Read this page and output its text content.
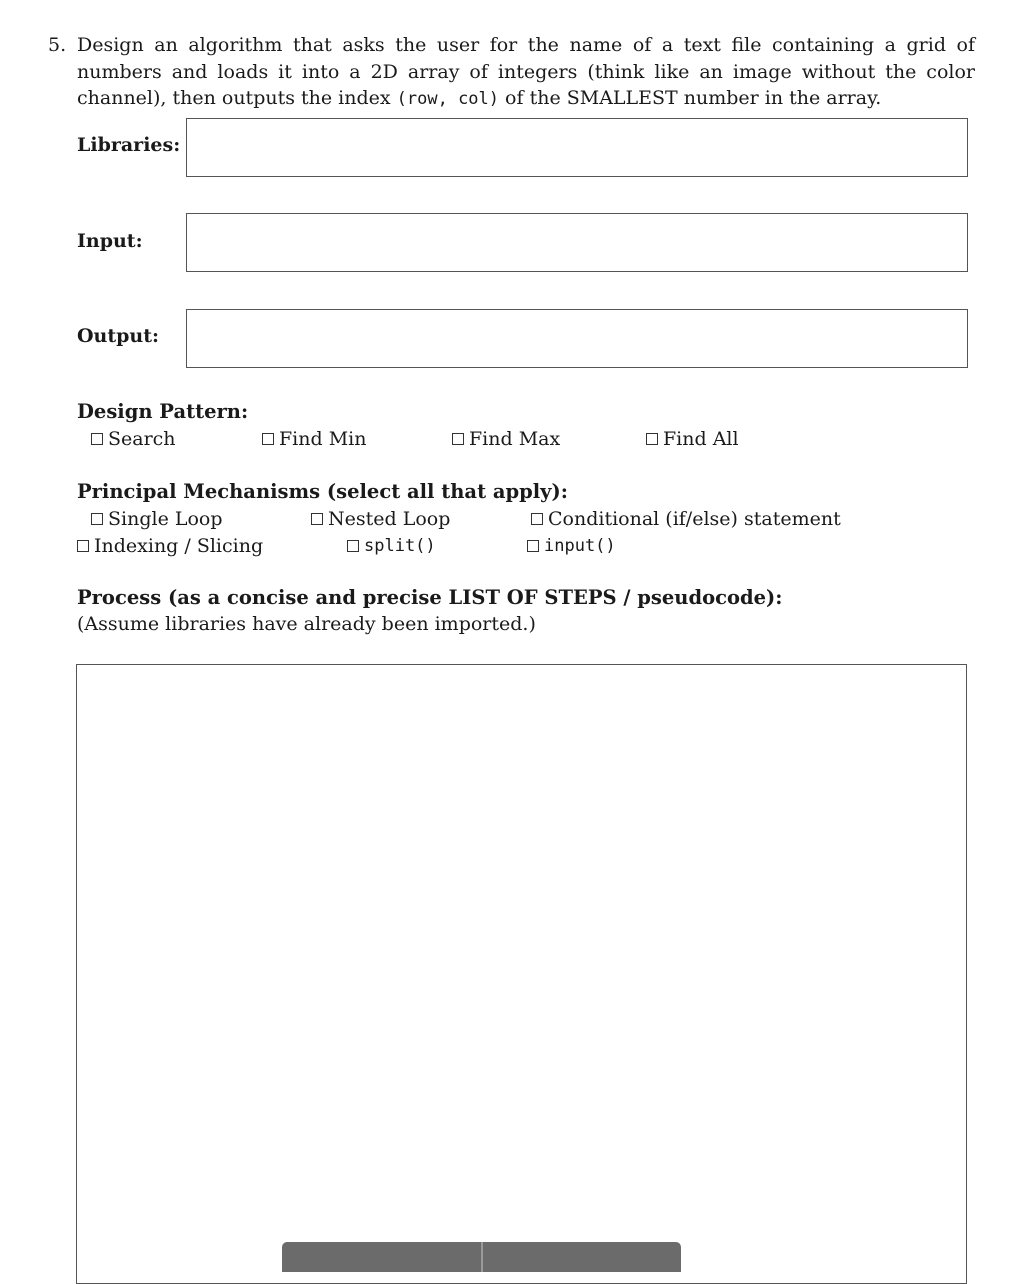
5. Design an algorithm that asks the user for the name of a text file containing a grid of numbers and loads it into a 2D array of integers (think like an image without the color channel), then outputs the index (row, col) of the SMALLEST number in the array.

Libraries:
Input:
Output:
Design Pattern:
Search	Find Min	Find Max	Find All
Principal Mechanisms (select all that apply):
Single Loop	Nested Loop	Conditional (if/else) statement
Indexing / Slicing	split()	input()
Process (as a concise and precise LIST OF STEPS / pseudocode):
(Assume libraries have already been imported.)
